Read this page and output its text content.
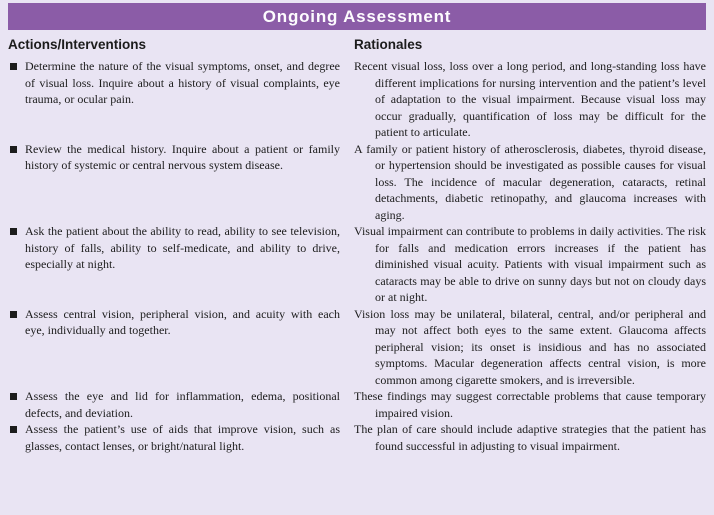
Ongoing Assessment
Actions/Interventions	Rationales
Determine the nature of the visual symptoms, onset, and degree of visual loss. Inquire about a history of visual complaints, eye trauma, or ocular pain.
Recent visual loss, loss over a long period, and long-standing loss have different implications for nursing intervention and the patient’s level of adaptation to the visual impairment. Because visual loss may occur gradually, quantification of loss may be difficult for the patient to articulate.
Review the medical history. Inquire about a patient or family history of systemic or central nervous system disease.
A family or patient history of atherosclerosis, diabetes, thyroid disease, or hypertension should be investigated as possible causes for visual loss. The incidence of macular degeneration, cataracts, retinal detachments, diabetic retinopathy, and glaucoma increases with aging.
Ask the patient about the ability to read, ability to see television, history of falls, ability to self-medicate, and ability to drive, especially at night.
Visual impairment can contribute to problems in daily activities. The risk for falls and medication errors increases if the patient has diminished visual acuity. Patients with visual impairment such as cataracts may be able to drive on sunny days but not on cloudy days or at night.
Assess central vision, peripheral vision, and acuity with each eye, individually and together.
Vision loss may be unilateral, bilateral, central, and/or peripheral and may not affect both eyes to the same extent. Glaucoma affects peripheral vision; its onset is insidious and has no associated symptoms. Macular degeneration affects central vision, is more common among cigarette smokers, and is irreversible.
Assess the eye and lid for inflammation, edema, positional defects, and deviation.
These findings may suggest correctable problems that cause temporary impaired vision.
Assess the patient’s use of aids that improve vision, such as glasses, contact lenses, or bright/natural light.
The plan of care should include adaptive strategies that the patient has found successful in adjusting to visual impairment.
